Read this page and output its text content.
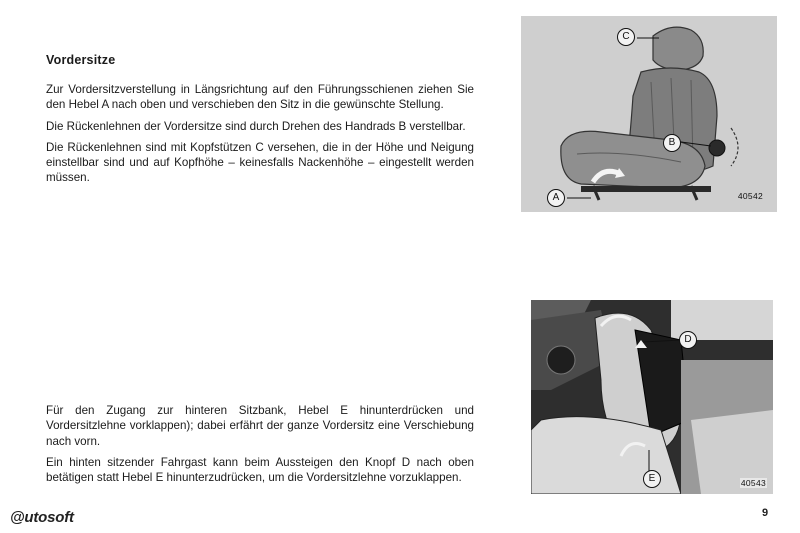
Vordersitze

Zur Vordersitzverstellung in Längsrichtung auf den Führungsschienen ziehen Sie den Hebel A nach oben und verschieben den Sitz in die gewünschte Stellung.

Die Rückenlehnen der Vordersitze sind durch Drehen des Handrads B verstellbar.

Die Rückenlehnen sind mit Kopfstützen C versehen, die in der Höhe und Neigung einstellbar sind und auf Kopfhöhe – keinesfalls Nackenhöhe – eingestellt werden müssen.

Für den Zugang zur hinteren Sitzbank, Hebel E hinunterdrücken und Vordersitzlehne vorklappen); dabei erfährt der ganze Vordersitz eine Verschiebung nach vorn.

Ein hinten sitzender Fahrgast kann beim Aussteigen den Knopf D nach oben betätigen statt Hebel E hinunterzudrücken, um die Vordersitzlehne vorzuklappen.

C
B
A	40542
D
E	40543
@utosoft	9
